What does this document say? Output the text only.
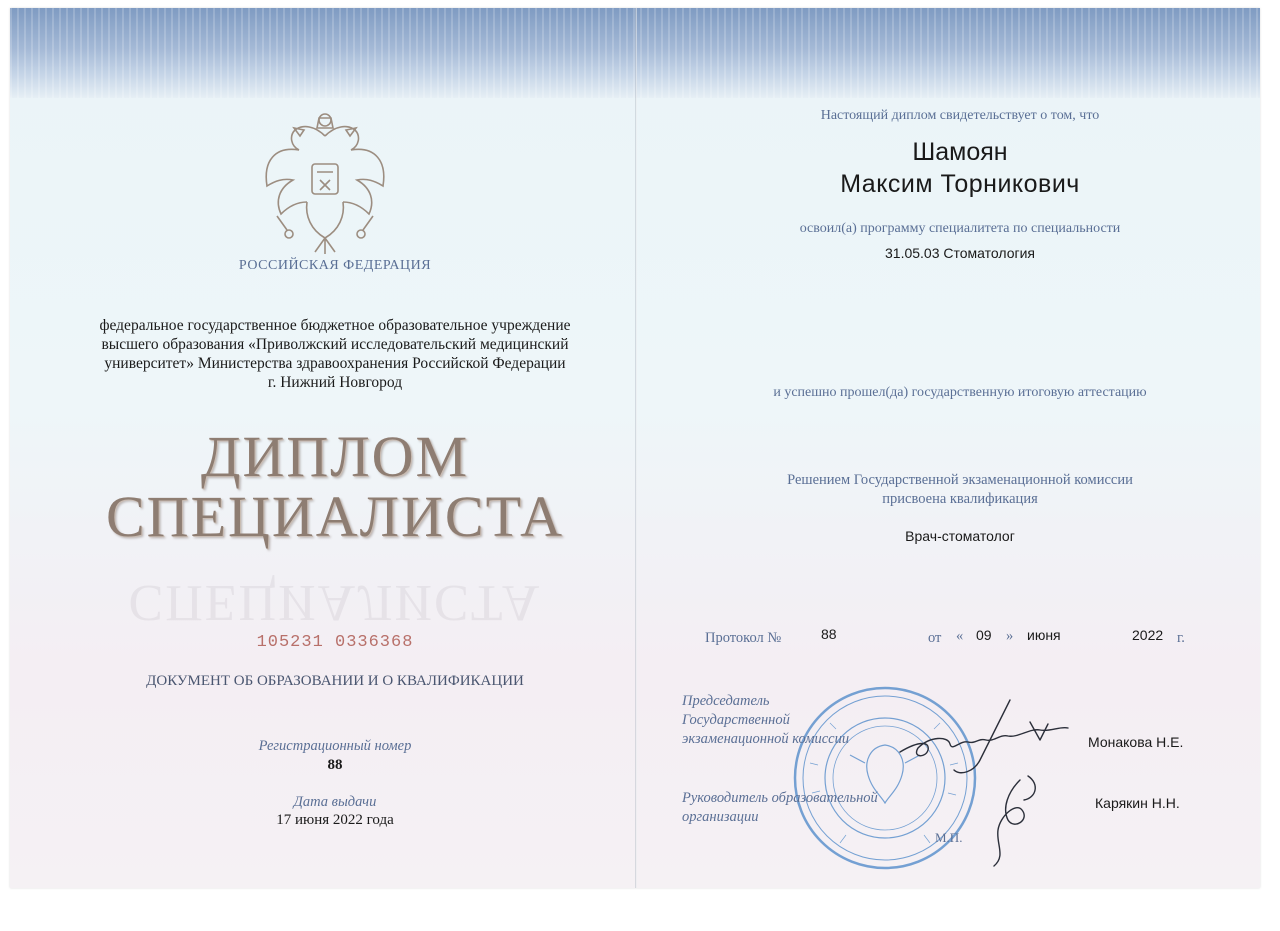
РОССИЙСКАЯ ФЕДЕРАЦИЯ
федеральное государственное бюджетное образовательное учреждение
высшего образования «Приволжский исследовательский медицинский
университет» Министерства здравоохранения Российской Федерации
г. Нижний Новгород
ДИПЛОМ
СПЕЦИАЛИСТА
СПЕЦИАЛИСТА
105231 0336368
ДОКУМЕНТ ОБ ОБРАЗОВАНИИ И О КВАЛИФИКАЦИИ
Регистрационный номер
88
Дата выдачи
17 июня 2022 года
Настоящий диплом свидетельствует о том, что
Шамоян
Максим Торникович
освоил(а) программу специалитета по специальности
31.05.03 Стоматология
и успешно прошел(да) государственную итоговую аттестацию
Решением Государственной экзаменационной комиссии
присвоена квалификация
Врач-стоматолог
Протокол №	88	от « 09 » июня	2022 г.
Председатель
Государственной
экзаменационной комиссии	Монакова Н.Е.
Руководитель образовательной
организации
Карякин Н.Н.
М.П.
